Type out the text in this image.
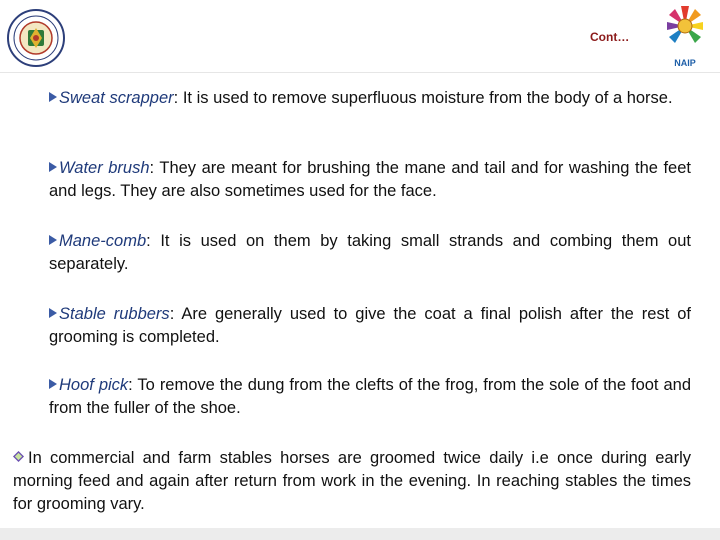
Cont…
NAIP
Sweat scrapper: It is used to remove superfluous moisture from the body of a horse.
Water brush: They are meant for brushing the mane and tail and for washing the feet and legs. They are also sometimes used for the face.
Mane-comb: It is used on them by taking small strands and combing them out separately.
Stable rubbers: Are generally used to give the coat a final polish after the rest of grooming is completed.
Hoof pick: To remove the dung from the clefts of the frog, from the sole of the foot and from the fuller of the shoe.
In commercial and farm stables horses are groomed twice daily i.e once during early morning feed and again after return from work in the evening. In reaching stables the times for grooming vary.
